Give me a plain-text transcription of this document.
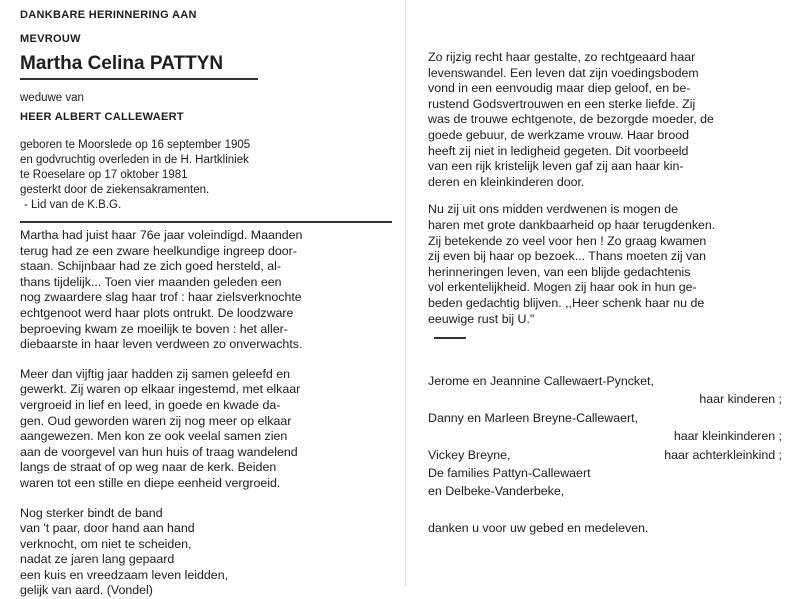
DANKBARE HERINNERING AAN
MEVROUW
Martha Celina PATTYN
weduwe van
HEER ALBERT CALLEWAERT
geboren te Moorslede op 16 september 1905
en godvruchtig overleden in de H. Hartkliniek
te Roeselare op 17 oktober 1981
gesterkt door de ziekensakramenten.
- Lid van de K.B.G.
Martha had juist haar 76e jaar voleindigd. Maanden
terug had ze een zware heelkundige ingreep door-
staan. Schijnbaar had ze zich goed hersteld, al-
thans tijdelijk... Toen vier maanden geleden een
nog zwaardere slag haar trof : haar zielsverknochte
echtgenoot werd haar plots ontrukt. De loodzware
beproeving kwam ze moeilijk te boven : het aller-
diebaarste in haar leven verdween zo onverwachts.
Meer dan vijftig jaar hadden zij samen geleefd en
gewerkt. Zij waren op elkaar ingestemd, met elkaar
vergroeid in lief en leed, in goede en kwade da-
gen. Oud geworden waren zij nog meer op elkaar
aangewezen. Men kon ze ook veelal samen zien
aan de voorgevel van hun huis of traag wandelend
langs de straat of op weg naar de kerk. Beiden
waren tot een stille en diepe eenheid vergroeid.
Nog sterker bindt de band
van 't paar, door hand aan hand
verknocht, om niet te scheiden,
nadat ze jaren lang gepaard
een kuis en vreedzaam leven leidden,
gelijk van aard. (Vondel)
Zo rijzig recht haar gestalte, zo rechtgeaard haar
levenswandel. Een leven dat zijn voedingsbodem
vond in een eenvoudig maar diep geloof, en be-
rustend Godsvertrouwen en een sterke liefde. Zij
was de trouwe echtgenote, de bezorgde moeder, de
goede gebuur, de werkzame vrouw. Haar brood
heeft zij niet in ledigheid gegeten. Dit voorbeeld
van een rijk kristelijk leven gaf zij aan haar kin-
deren en kleinkinderen door.
Nu zij uit ons midden verdwenen is mogen de
haren met grote dankbaarheid op haar terugdenken.
Zij betekende zo veel voor hen ! Zo graag kwamen
zij even bij haar op bezoek... Thans moeten zij van
herinneringen leven, van een blijde gedachtenis
vol erkentelijkheid. Mogen zij haar ook in hun ge-
beden gedachtig blijven. ,,Heer schenk haar nu de
eeuwige rust bij U."
Jerome en Jeannine Callewaert-Pyncket,
haar kinderen ;
Danny en Marleen Breyne-Callewaert,
haar kleinkinderen ;
Vickey Breyne,	haar achterkleinkind ;
De families Pattyn-Callewaert
en Delbeke-Vanderbeke,
danken u voor uw gebed en medeleven.
